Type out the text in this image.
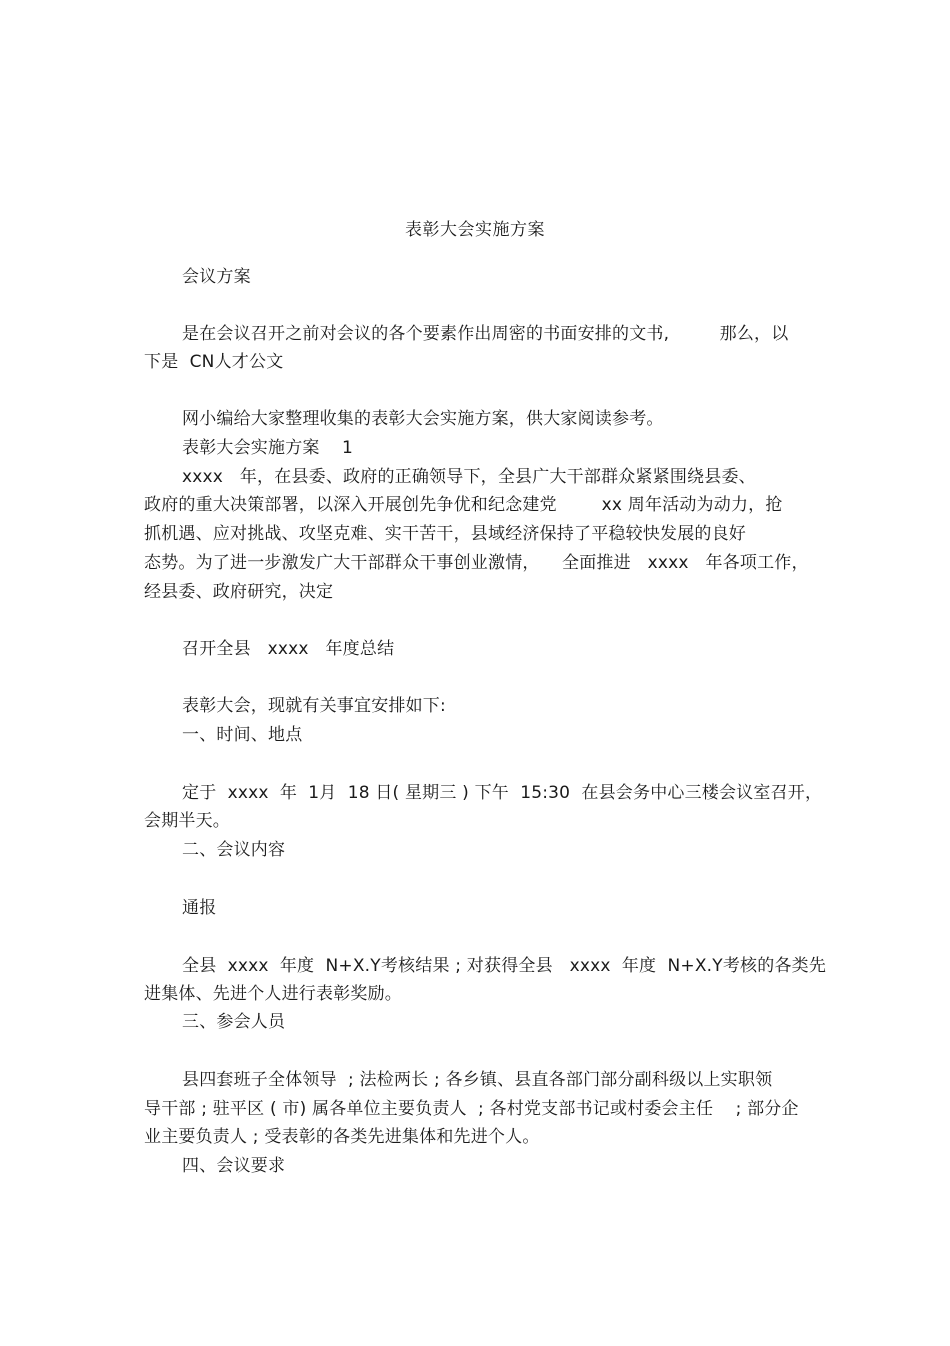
表彰大会实施方案
会议方案
是在会议召开之前对会议的各个要素作出周密的书面安排的文书,         那么，以
下是  CN人才公文
网小编给大家整理收集的表彰大会实施方案，供大家阅读参考。
表彰大会实施方案    1
xxxx   年，在县委、政府的正确领导下，全县广大干部群众紧紧围绕县委、
政府的重大决策部署，以深入开展创先争优和纪念建党        xx 周年活动为动力，抢
抓机遇、应对挑战、攻坚克难、实干苦干，县域经济保持了平稳较快发展的良好
态势。为了进一步激发广大干部群众干事创业激情，    全面推进   xxxx   年各项工作，
经县委、政府研究，决定
召开全县   xxxx   年度总结
表彰大会，现就有关事宜安排如下:
一、时间、地点
定于  xxxx  年  1月  18 日( 星期三 ) 下午  15:30  在县会务中心三楼会议室召开，
会期半天。
二、会议内容
通报
全县  xxxx  年度  N+X.Y考核结果 ; 对获得全县   xxxx  年度  N+X.Y考核的各类先
进集体、先进个人进行表彰奖励。
三、参会人员
县四套班子全体领导  ; 法检两长 ; 各乡镇、县直各部门部分副科级以上实职领
导干部 ; 驻平区 ( 市) 属各单位主要负责人  ; 各村党支部书记或村委会主任    ; 部分企
业主要负责人 ; 受表彰的各类先进集体和先进个人。
四、会议要求
